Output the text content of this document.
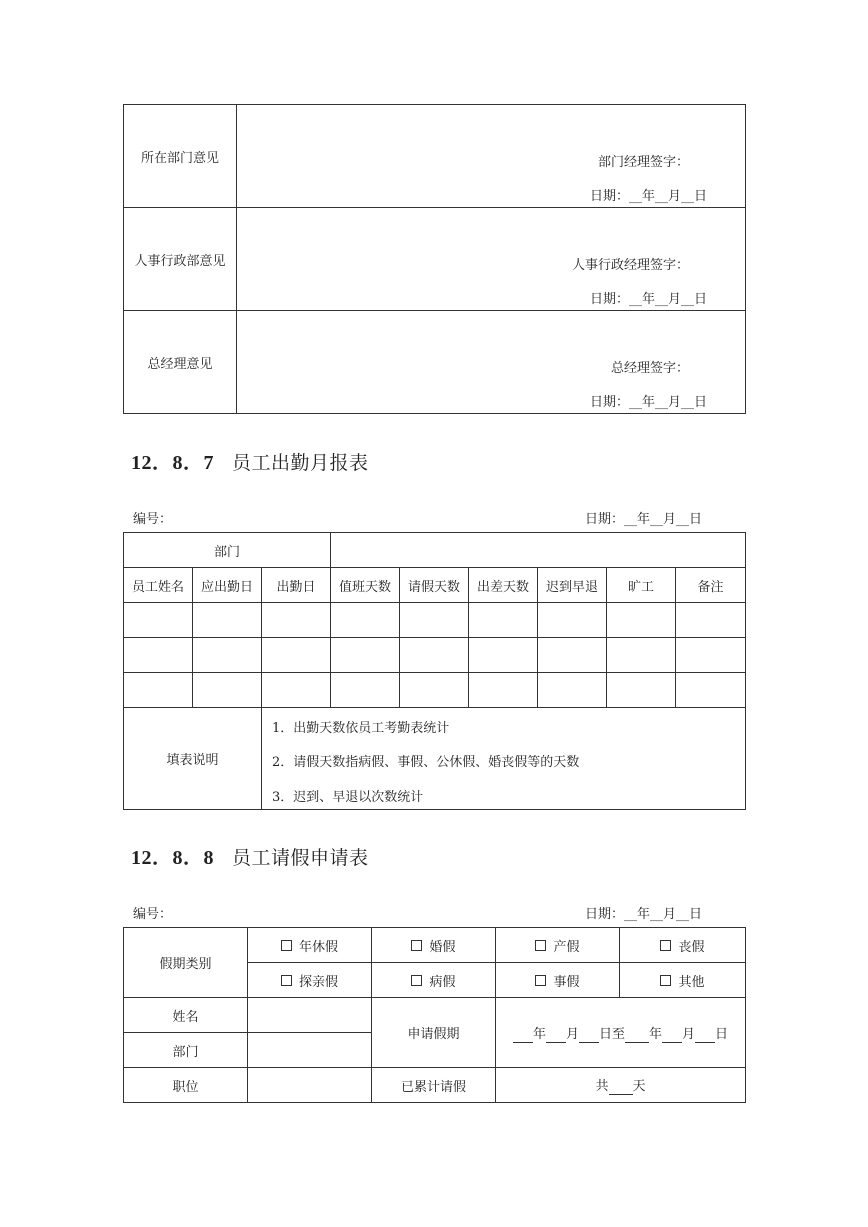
所在部门意见	部门经理签字：
日期：__年__月__日

人事行政部意见	人事行政经理签字：
日期：__年__月__日

总经理意见	总经理签字：
日期：__年__月__日
12．8．7 员工出勤月报表
编号：	日期：__年__月__日
部门								
员工姓名	应出勤日	出勤日	值班天数	请假天数	出差天数	迟到早退	旷工	备注

填表说明		1．出勤天数依员工考勤表统计
2．请假天数指病假、事假、公休假、婚丧假等的天数
3．迟到、早退以次数统计						
12．8．8 员工请假申请表
编号：	日期：__年__月__日
假期类别	年休假	婚假	产假	丧假
	探亲假	病假	事假	其他
姓名		申请假期	年 月 日至 年 月 日	
部门				
职位		已累计请假	共 天	
